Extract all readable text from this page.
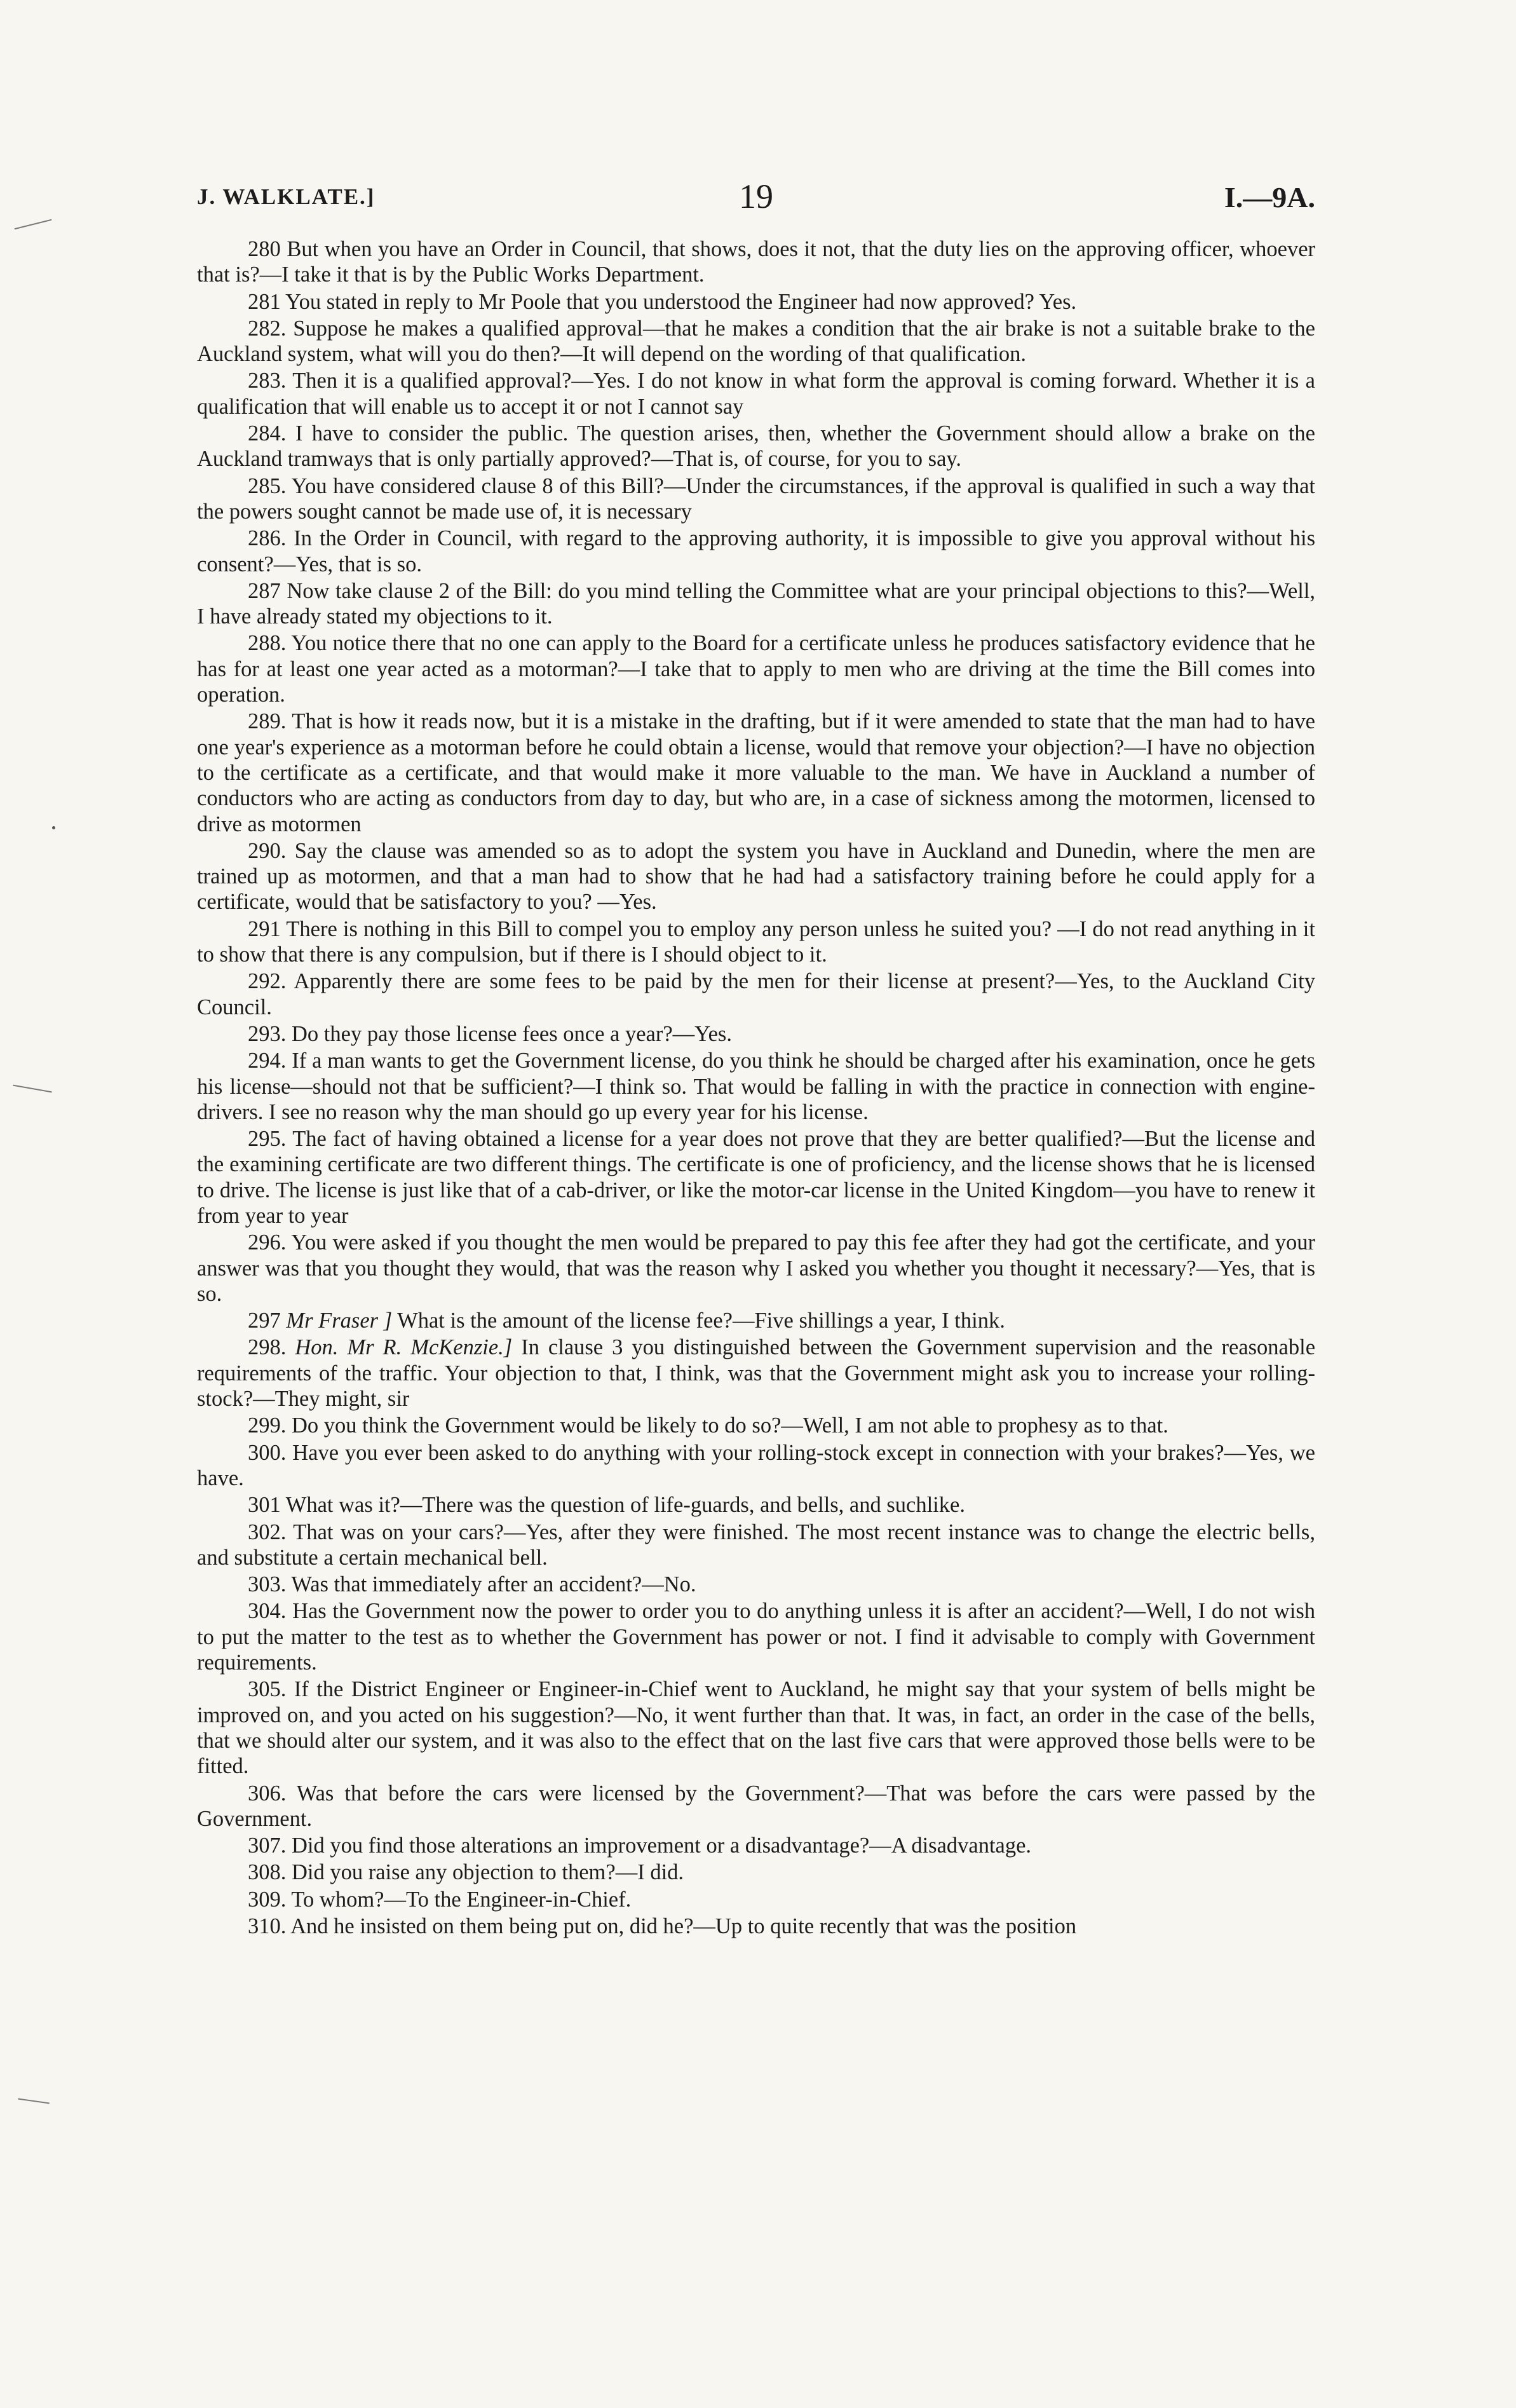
J. WALKLATE.]	19	I.—9A.

280 But when you have an Order in Council, that shows, does it not, that the duty lies on the approving officer, whoever that is?—I take it that is by the Public Works Department.

281 You stated in reply to Mr Poole that you understood the Engineer had now approved? Yes.

282. Suppose he makes a qualified approval—that he makes a condition that the air brake is not a suitable brake to the Auckland system, what will you do then?—It will depend on the wording of that qualification.

283. Then it is a qualified approval?—Yes. I do not know in what form the approval is coming forward. Whether it is a qualification that will enable us to accept it or not I cannot say

284. I have to consider the public. The question arises, then, whether the Government should allow a brake on the Auckland tramways that is only partially approved?—That is, of course, for you to say.

285. You have considered clause 8 of this Bill?—Under the circumstances, if the approval is qualified in such a way that the powers sought cannot be made use of, it is necessary

286. In the Order in Council, with regard to the approving authority, it is impossible to give you approval without his consent?—Yes, that is so.

287 Now take clause 2 of the Bill: do you mind telling the Committee what are your principal objections to this?—Well, I have already stated my objections to it.

288. You notice there that no one can apply to the Board for a certificate unless he produces satisfactory evidence that he has for at least one year acted as a motorman?—I take that to apply to men who are driving at the time the Bill comes into operation.

289. That is how it reads now, but it is a mistake in the drafting, but if it were amended to state that the man had to have one year's experience as a motorman before he could obtain a license, would that remove your objection?—I have no objection to the certificate as a certificate, and that would make it more valuable to the man. We have in Auckland a number of conductors who are acting as conductors from day to day, but who are, in a case of sickness among the motormen, licensed to drive as motormen

290. Say the clause was amended so as to adopt the system you have in Auckland and Dunedin, where the men are trained up as motormen, and that a man had to show that he had had a satisfactory training before he could apply for a certificate, would that be satisfactory to you? —Yes.

291 There is nothing in this Bill to compel you to employ any person unless he suited you? —I do not read anything in it to show that there is any compulsion, but if there is I should object to it.

292. Apparently there are some fees to be paid by the men for their license at present?—Yes, to the Auckland City Council.

293. Do they pay those license fees once a year?—Yes.

294. If a man wants to get the Government license, do you think he should be charged after his examination, once he gets his license—should not that be sufficient?—I think so. That would be falling in with the practice in connection with engine-drivers. I see no reason why the man should go up every year for his license.

295. The fact of having obtained a license for a year does not prove that they are better qualified?—But the license and the examining certificate are two different things. The certificate is one of proficiency, and the license shows that he is licensed to drive. The license is just like that of a cab-driver, or like the motor-car license in the United Kingdom—you have to renew it from year to year

296. You were asked if you thought the men would be prepared to pay this fee after they had got the certificate, and your answer was that you thought they would, that was the reason why I asked you whether you thought it necessary?—Yes, that is so.

297 Mr Fraser ] What is the amount of the license fee?—Five shillings a year, I think.

298. Hon. Mr R. McKenzie.] In clause 3 you distinguished between the Government supervision and the reasonable requirements of the traffic. Your objection to that, I think, was that the Government might ask you to increase your rolling-stock?—They might, sir

299. Do you think the Government would be likely to do so?—Well, I am not able to prophesy as to that.

300. Have you ever been asked to do anything with your rolling-stock except in connection with your brakes?—Yes, we have.

301 What was it?—There was the question of life-guards, and bells, and suchlike.

302. That was on your cars?—Yes, after they were finished. The most recent instance was to change the electric bells, and substitute a certain mechanical bell.

303. Was that immediately after an accident?—No.

304. Has the Government now the power to order you to do anything unless it is after an accident?—Well, I do not wish to put the matter to the test as to whether the Government has power or not. I find it advisable to comply with Government requirements.

305. If the District Engineer or Engineer-in-Chief went to Auckland, he might say that your system of bells might be improved on, and you acted on his suggestion?—No, it went further than that. It was, in fact, an order in the case of the bells, that we should alter our system, and it was also to the effect that on the last five cars that were approved those bells were to be fitted.

306. Was that before the cars were licensed by the Government?—That was before the cars were passed by the Government.

307. Did you find those alterations an improvement or a disadvantage?—A disadvantage.

308. Did you raise any objection to them?—I did.

309. To whom?—To the Engineer-in-Chief.

310. And he insisted on them being put on, did he?—Up to quite recently that was the position
